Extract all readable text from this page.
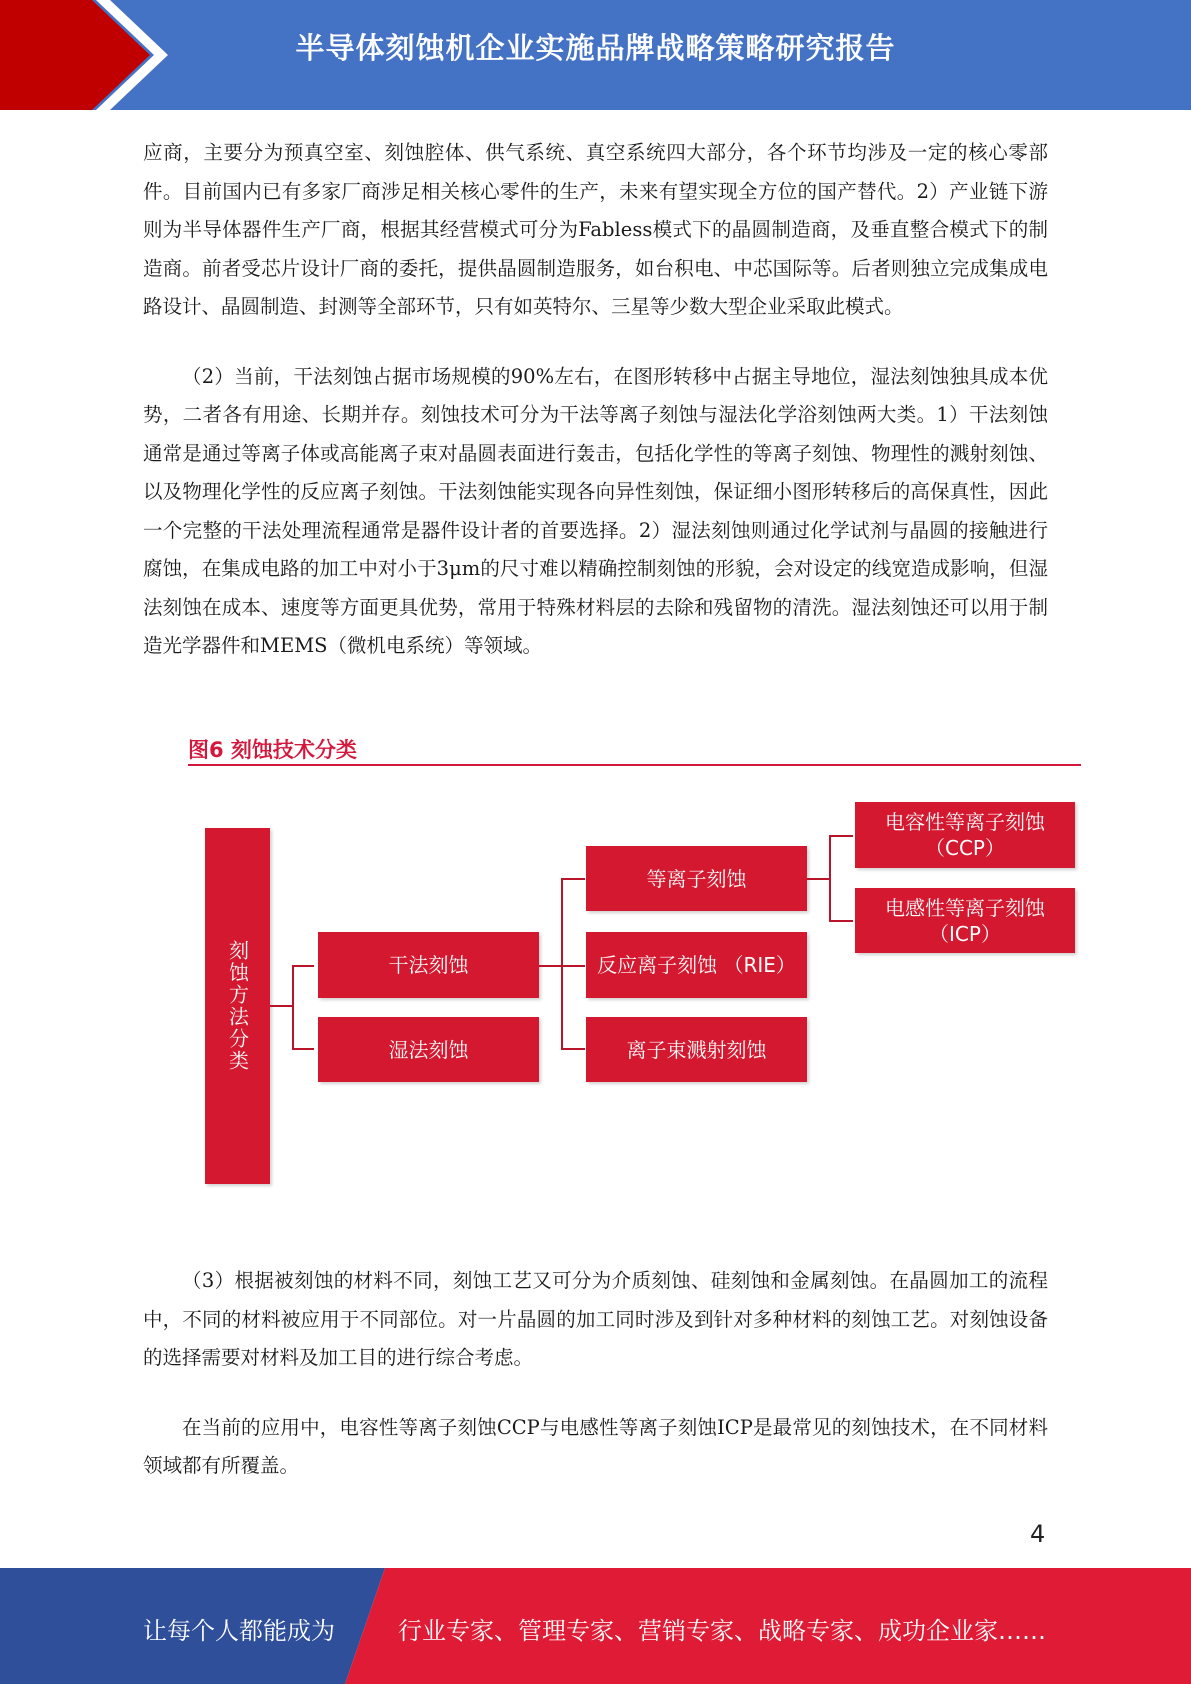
半导体刻蚀机企业实施品牌战略策略研究报告

应商，主要分为预真空室、刻蚀腔体、供气系统、真空系统四大部分，各个环节均涉及一定的核心零部件。目前国内已有多家厂商涉足相关核心零件的生产，未来有望实现全方位的国产替代。2）产业链下游则为半导体器件生产厂商，根据其经营模式可分为Fabless模式下的晶圆制造商，及垂直整合模式下的制造商。前者受芯片设计厂商的委托，提供晶圆制造服务，如台积电、中芯国际等。后者则独立完成集成电路设计、晶圆制造、封测等全部环节，只有如英特尔、三星等少数大型企业采取此模式。

（2）当前，干法刻蚀占据市场规模的90%左右，在图形转移中占据主导地位，湿法刻蚀独具成本优势，二者各有用途、长期并存。刻蚀技术可分为干法等离子刻蚀与湿法化学浴刻蚀两大类。1）干法刻蚀通常是通过等离子体或高能离子束对晶圆表面进行轰击，包括化学性的等离子刻蚀、物理性的溅射刻蚀、以及物理化学性的反应离子刻蚀。干法刻蚀能实现各向异性刻蚀，保证细小图形转移后的高保真性，因此一个完整的干法处理流程通常是器件设计者的首要选择。2）湿法刻蚀则通过化学试剂与晶圆的接触进行腐蚀，在集成电路的加工中对小于3μm的尺寸难以精确控制刻蚀的形貌，会对设定的线宽造成影响，但湿法刻蚀在成本、速度等方面更具优势，常用于特殊材料层的去除和残留物的清洗。湿法刻蚀还可以用于制造光学器件和MEMS（微机电系统）等领域。

图6 刻蚀技术分类
刻蚀方法分类	干法刻蚀
湿法刻蚀
等离子刻蚀
反应离子刻蚀 （RIE）
离子束溅射刻蚀
电容性等离子刻蚀
（CCP）
电感性等离子刻蚀
（ICP）

（3）根据被刻蚀的材料不同，刻蚀工艺又可分为介质刻蚀、硅刻蚀和金属刻蚀。在晶圆加工的流程中，不同的材料被应用于不同部位。对一片晶圆的加工同时涉及到针对多种材料的刻蚀工艺。对刻蚀设备的选择需要对材料及加工目的进行综合考虑。

在当前的应用中，电容性等离子刻蚀CCP与电感性等离子刻蚀ICP是最常见的刻蚀技术，在不同材料领域都有所覆盖。

4
让每个人都能成为	行业专家、管理专家、营销专家、战略专家、成功企业家……
